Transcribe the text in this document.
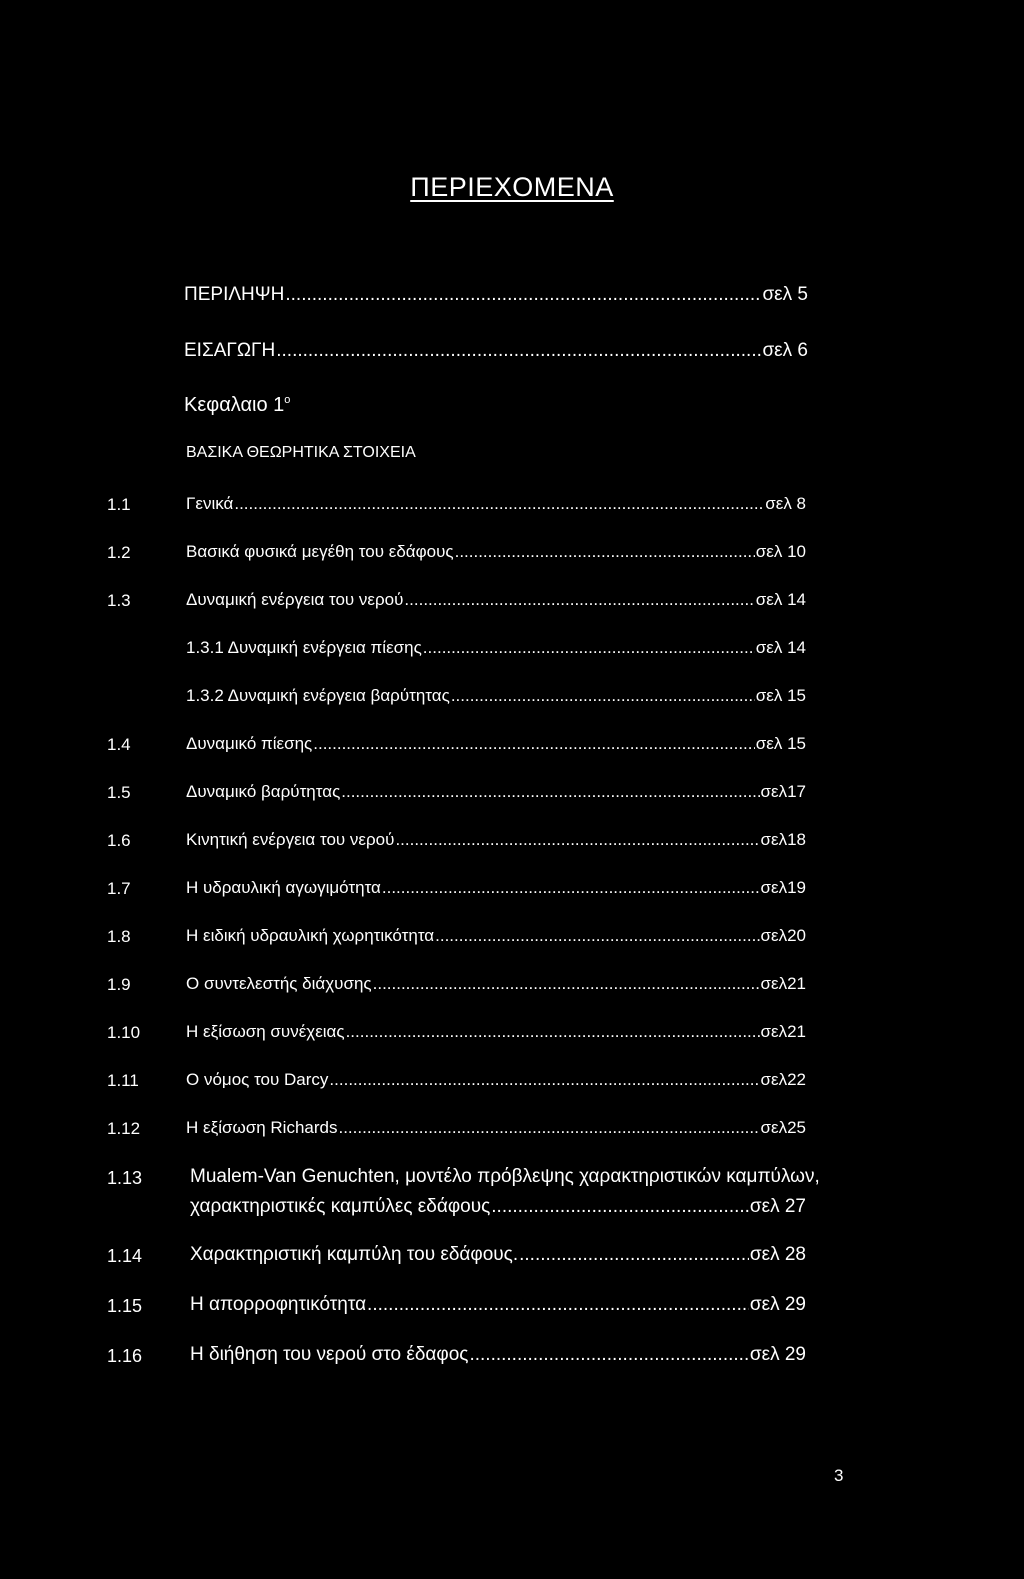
ΠΕΡΙΕΧΟΜΕΝΑ
ΠΕΡΙΛΗΨΗ .....	σελ 5
ΕΙΣΑΓΩΓΗ .....	σελ 6
Κεφαλαιο $1^o$
ΒΑΣΙΚΑ ΘΕΩΡΗΤΙΚΑ ΣΤΟΙΧΕΙΑ
1.1	Γενικά .....	σελ 8
1.2	Βασικά φυσικά μεγέθη του εδάφους .....	σελ 10
1.3	Δυναμική ενέργεια του νερού .....	σελ 14
1.3.1 Δυναμική ενέργεια πίεσης .....	σελ 14
1.3.2 Δυναμική ενέργεια βαρύτητας .....	σελ 15
1.4	Δυναμικό πίεσης .....	σελ 15
1.5	Δυναμικό βαρύτητας .....	σελ17
1.6	Κινητική ενέργεια του νερού .....	σελ18
1.7	Η υδραυλική αγωγιμότητα .....	σελ19
1.8	Η ειδική υδραυλική χωρητικότητα .....	σελ20
1.9	Ο συντελεστής διάχυσης .....	σελ21
1.10	Η εξίσωση συνέχειας .....	σελ21
1.11	Ο νόμος του Darcy .....	σελ22
1.12	Η εξίσωση Richards .....	σελ25
1.13	Mualem-Van Genuchten, μοντέλο πρόβλεψης χαρακτηριστικών καμπύλων,
χαρακτηριστικές καμπύλες εδάφους .....	σελ 27
1.14	Χαρακτηριστική καμπύλη του εδάφους. .....	σελ 28
1.15	Η απορροφητικότητα .....	σελ 29
1.16	Η διήθηση του νερού στο έδαφος .....	σελ 29
3
